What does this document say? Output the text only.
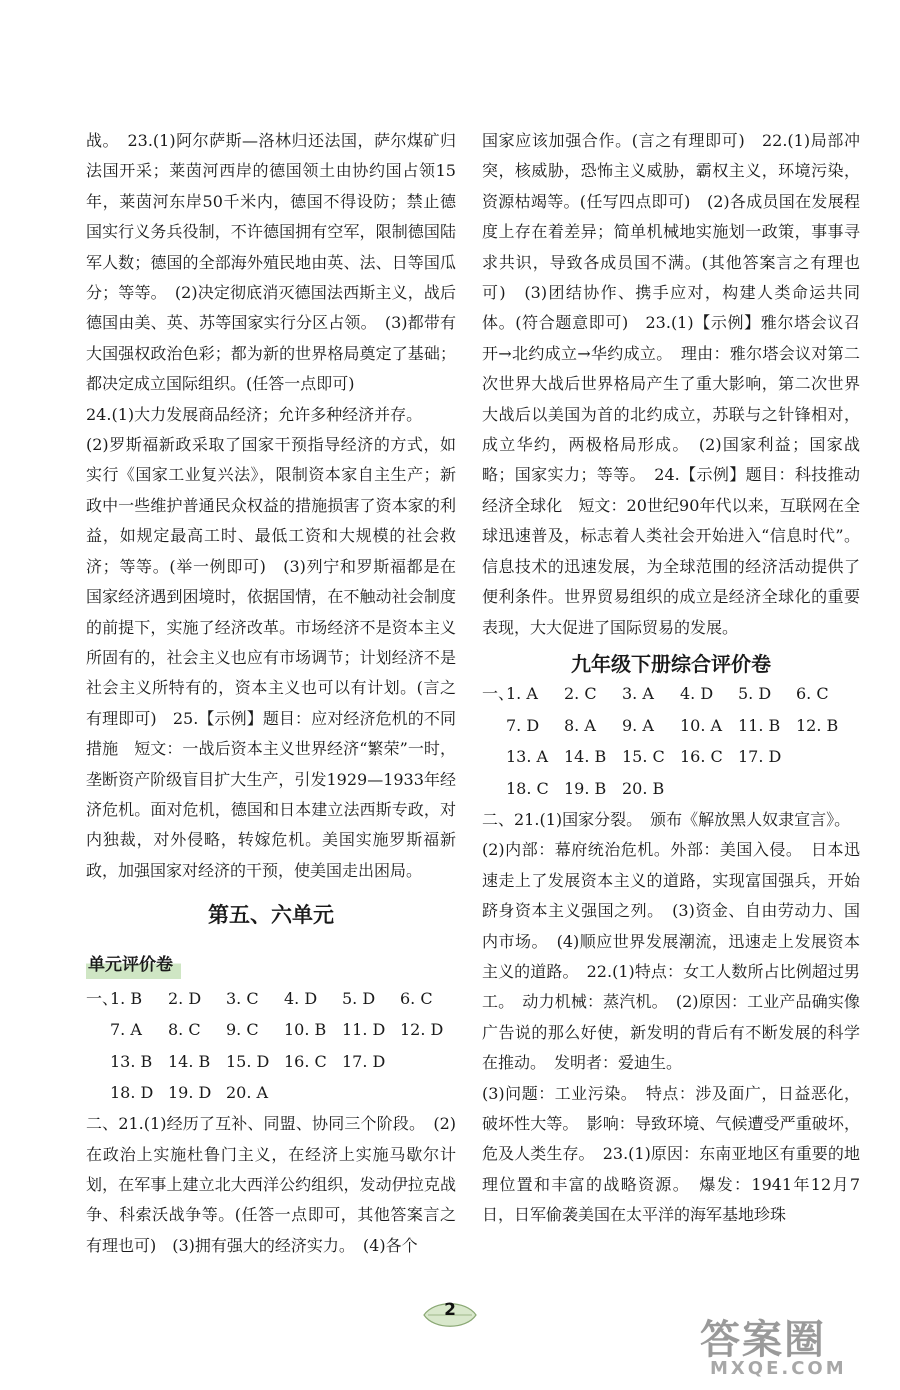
战。　23.(1)阿尔萨斯—洛林归还法国，萨尔煤矿归法国开采；莱茵河西岸的德国领土由协约国占领15年，莱茵河东岸50千米内，德国不得设防；禁止德国实行义务兵役制，不许德国拥有空军，限制德国陆军人数；德国的全部海外殖民地由英、法、日等国瓜分；等等。　(2)决定彻底消灭德国法西斯主义，战后德国由美、英、苏等国家实行分区占领。　(3)都带有大国强权政治色彩；都为新的世界格局奠定了基础；都决定成立国际组织。(任答一点即可)

24.(1)大力发展商品经济；允许多种经济并存。

(2)罗斯福新政采取了国家干预指导经济的方式，如实行《国家工业复兴法》，限制资本家自主生产；新政中一些维护普通民众权益的措施损害了资本家的利益，如规定最高工时、最低工资和大规模的社会救济；等等。(举一例即可)　(3)列宁和罗斯福都是在国家经济遇到困境时，依据国情，在不触动社会制度的前提下，实施了经济改革。市场经济不是资本主义所固有的，社会主义也应有市场调节；计划经济不是社会主义所特有的，资本主义也可以有计划。(言之有理即可)　25.【示例】题目：应对经济危机的不同措施　短文：一战后资本主义世界经济“繁荣”一时，垄断资产阶级盲目扩大生产，引发1929—1933年经济危机。面对危机，德国和日本建立法西斯专政，对内独裁，对外侵略，转嫁危机。美国实施罗斯福新政，加强国家对经济的干预，使美国走出困局。

第五、六单元
单元评价卷
一、
1. B	2. D	3. C	4. D	5. D	6. C
7. A	8. C	9. C	10. B 11. D 12. D
13. B 14. B 15. D 16. C 17. D
18. D 19. D 20. A

二、21.(1)经历了互补、同盟、协同三个阶段。　(2)在政治上实施杜鲁门主义，在经济上实施马歇尔计划，在军事上建立北大西洋公约组织，发动伊拉克战争、科索沃战争等。(任答一点即可，其他答案言之有理也可)　(3)拥有强大的经济实力。　(4)各个

国家应该加强合作。(言之有理即可)　22.(1)局部冲突，核威胁，恐怖主义威胁，霸权主义，环境污染，资源枯竭等。(任写四点即可)　(2)各成员国在发展程度上存在着差异；简单机械地实施划一政策，事事寻求共识，导致各成员国不满。(其他答案言之有理也可)　(3)团结协作、携手应对，构建人类命运共同体。(符合题意即可)　23.(1)【示例】雅尔塔会议召开→北约成立→华约成立。　理由：雅尔塔会议对第二次世界大战后世界格局产生了重大影响，第二次世界大战后以美国为首的北约成立，苏联与之针锋相对，成立华约，两极格局形成。　(2)国家利益；国家战略；国家实力；等等。　24.【示例】题目：科技推动经济全球化　短文：20世纪90年代以来，互联网在全球迅速普及，标志着人类社会开始进入“信息时代”。信息技术的迅速发展，为全球范围的经济活动提供了便利条件。世界贸易组织的成立是经济全球化的重要表现，大大促进了国际贸易的发展。

九年级下册综合评价卷
一、
1. A	2. C	3. A	4. D	5. D	6. C
7. D	8. A	9. A	10. A 11. B 12. B
13. A 14. B 15. C 16. C 17. D
18. C 19. B 20. B

二、21.(1)国家分裂。　颁布《解放黑人奴隶宣言》。

(2)内部：幕府统治危机。外部：美国入侵。　日本迅速走上了发展资本主义的道路，实现富国强兵，开始跻身资本主义强国之列。　(3)资金、自由劳动力、国内市场。　(4)顺应世界发展潮流，迅速走上发展资本主义的道路。　22.(1)特点：女工人数所占比例超过男工。　动力机械：蒸汽机。　(2)原因：工业产品确实像广告说的那么好使，新发明的背后有不断发展的科学在推动。　发明者：爱迪生。

(3)问题：工业污染。　特点：涉及面广，日益恶化，破坏性大等。　影响：导致环境、气候遭受严重破坏，危及人类生存。　23.(1)原因：东南亚地区有重要的地理位置和丰富的战略资源。　爆发：1941年12月7日，日军偷袭美国在太平洋的海军基地珍珠

2
答案圈
MXQE.COM
